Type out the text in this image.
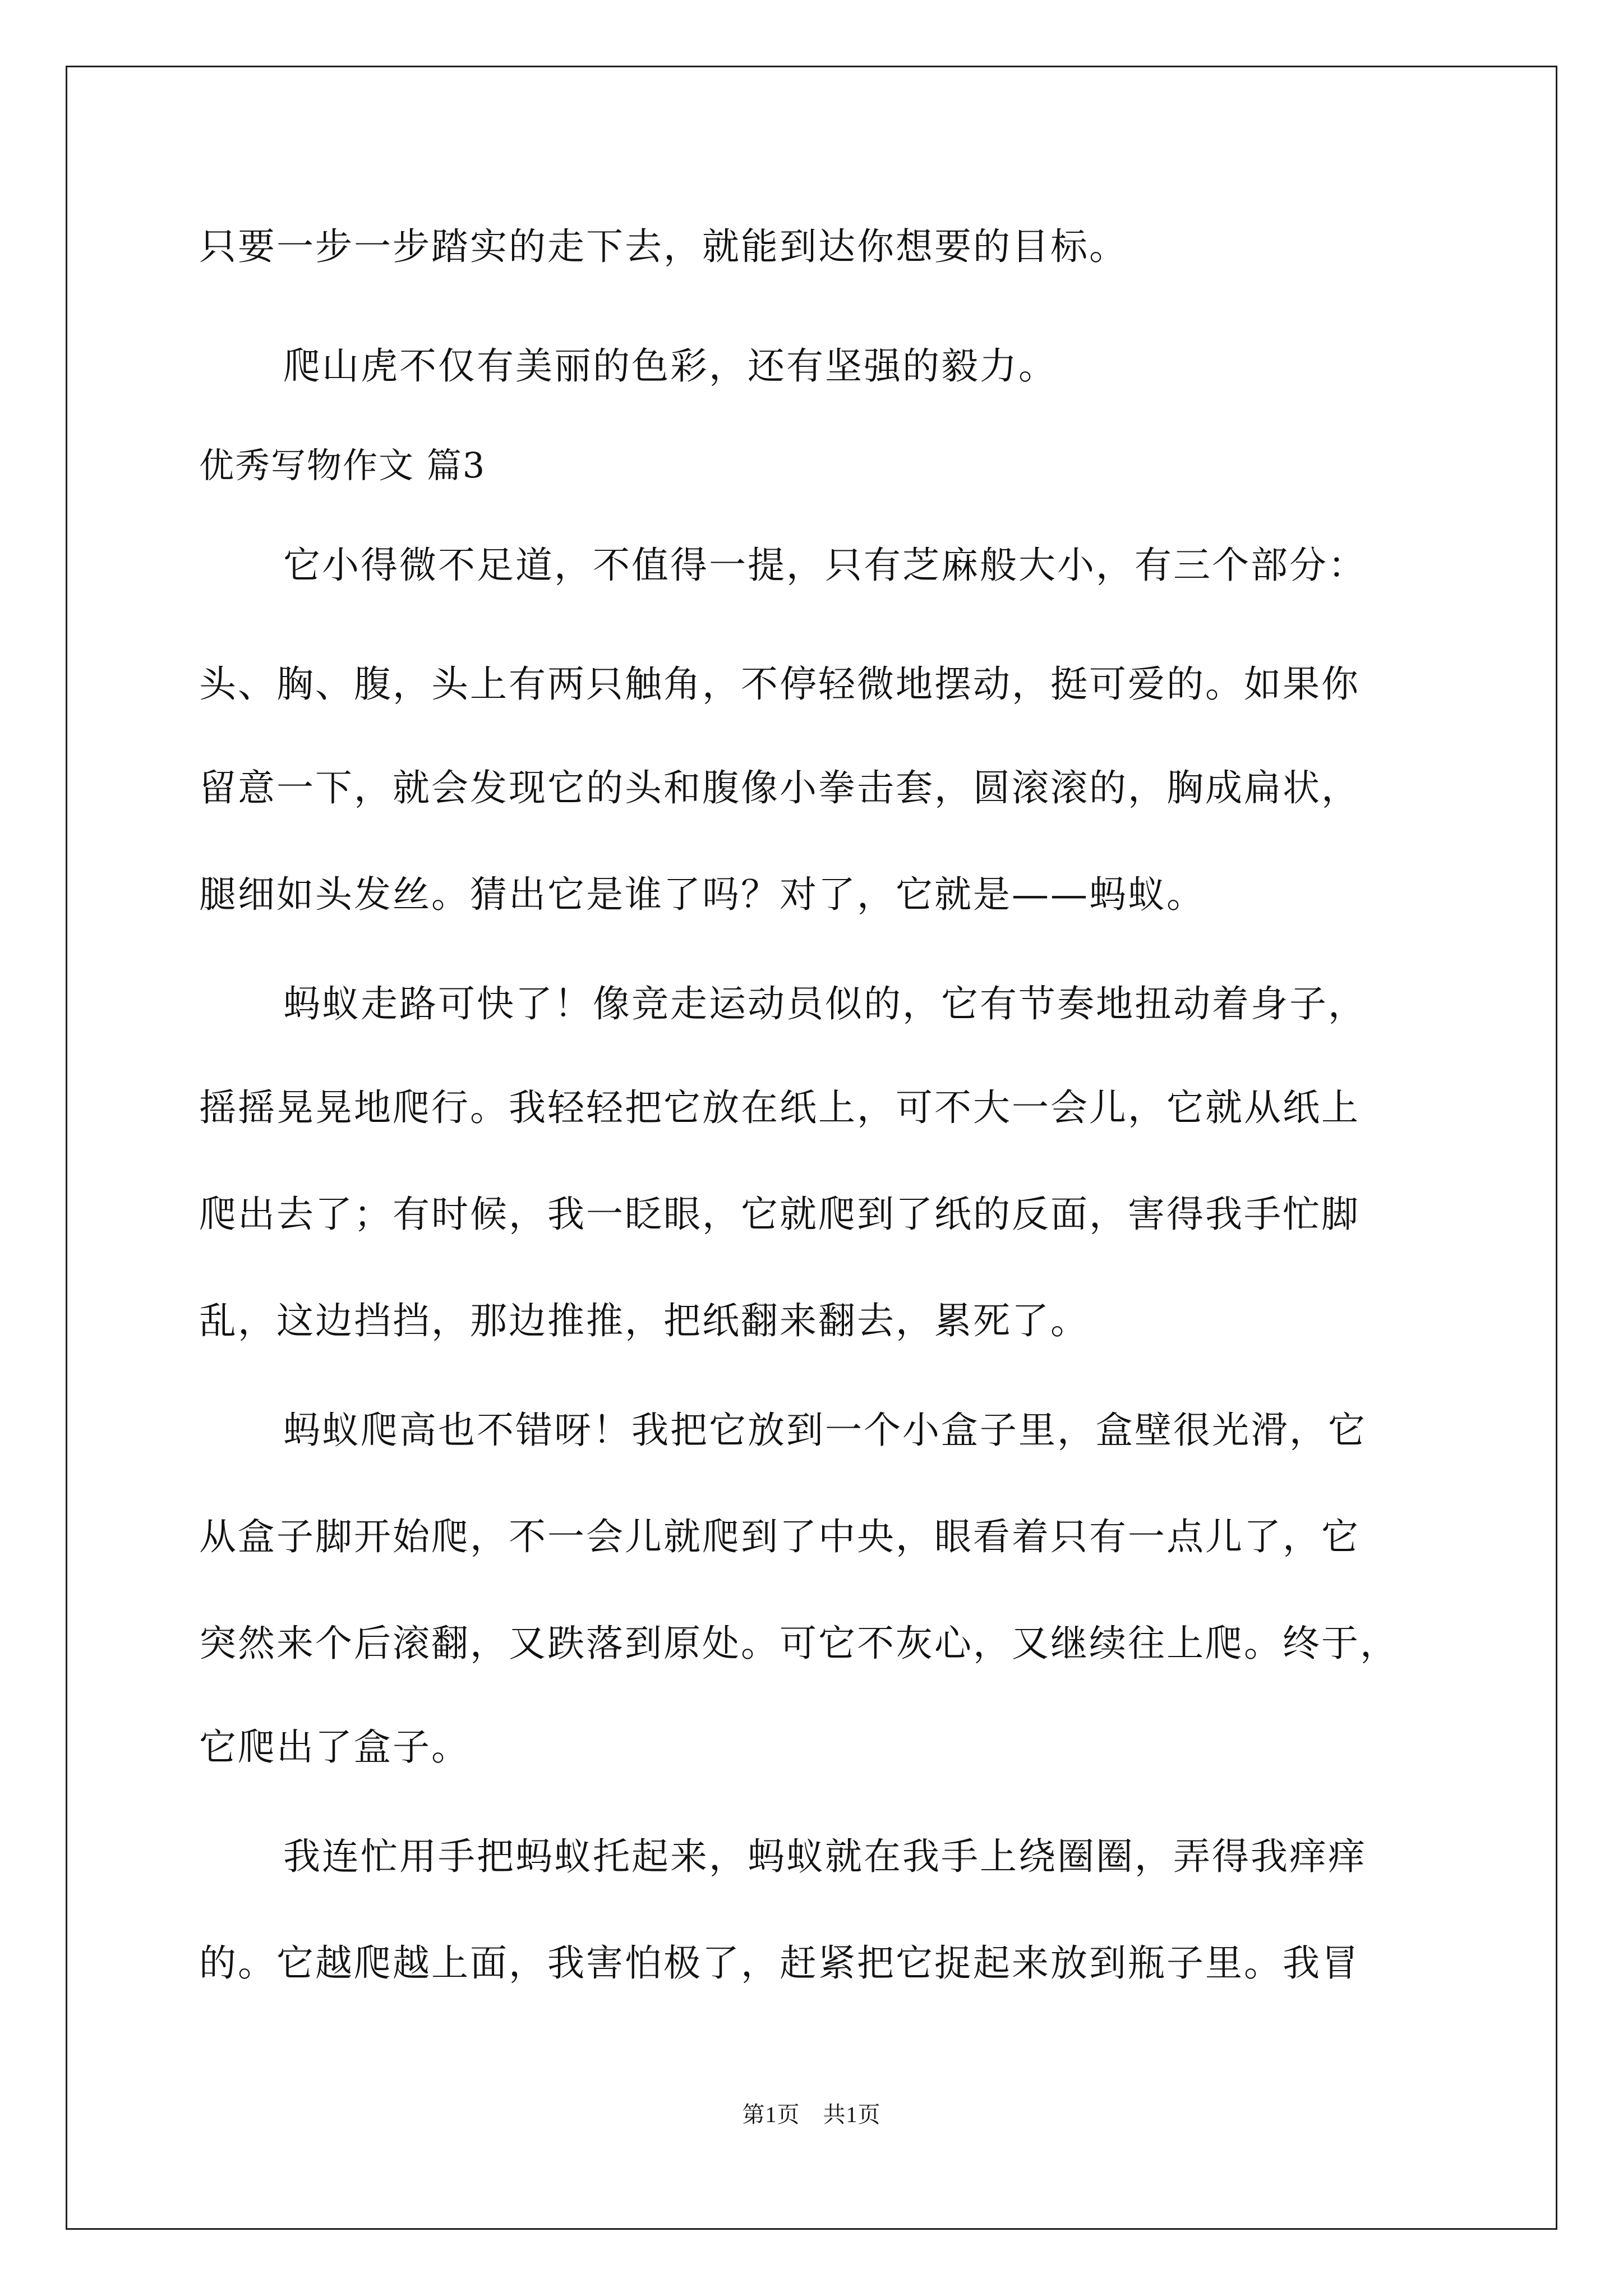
只要一步一步踏实的走下去，就能到达你想要的目标。
爬山虎不仅有美丽的色彩，还有坚强的毅力。
优秀写物作文 篇3
它小得微不足道，不值得一提，只有芝麻般大小，有三个部分：
头、胸、腹，头上有两只触角，不停轻微地摆动，挺可爱的。如果你
留意一下，就会发现它的头和腹像小拳击套，圆滚滚的，胸成扁状，
腿细如头发丝。猜出它是谁了吗？对了，它就是——蚂蚁。
蚂蚁走路可快了！像竞走运动员似的，它有节奏地扭动着身子，
摇摇晃晃地爬行。我轻轻把它放在纸上，可不大一会儿，它就从纸上
爬出去了；有时候，我一眨眼，它就爬到了纸的反面，害得我手忙脚
乱，这边挡挡，那边推推，把纸翻来翻去，累死了。
蚂蚁爬高也不错呀！我把它放到一个小盒子里，盒壁很光滑，它
从盒子脚开始爬，不一会儿就爬到了中央，眼看着只有一点儿了，它
突然来个后滚翻，又跌落到原处。可它不灰心，又继续往上爬。终于，
它爬出了盒子。
我连忙用手把蚂蚁托起来，蚂蚁就在我手上绕圈圈，弄得我痒痒
的。它越爬越上面，我害怕极了，赶紧把它捉起来放到瓶子里。我冒
第1页　共1页
